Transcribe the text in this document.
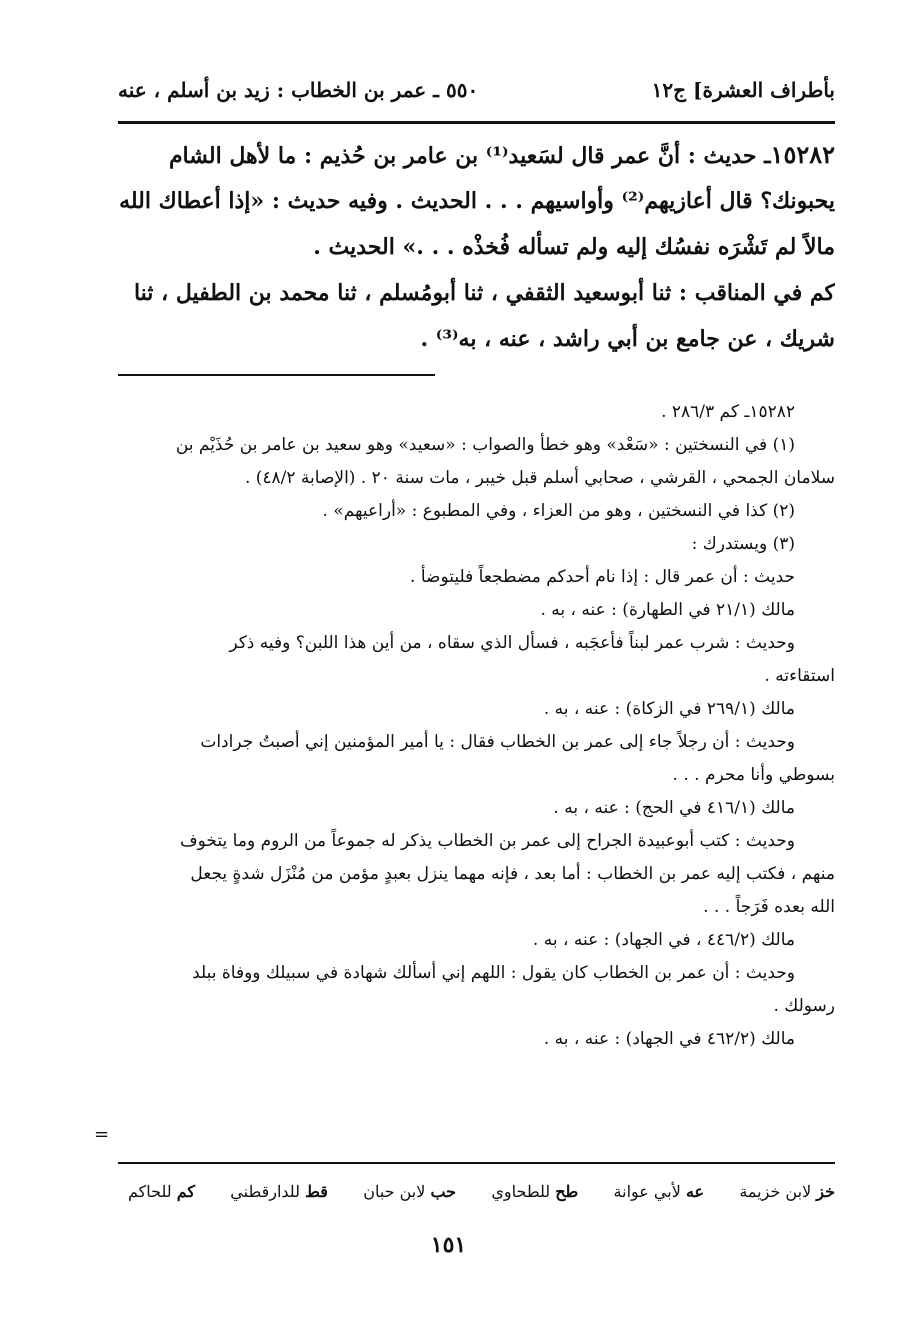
بأطراف العشرة] ج١٢
٥٥٠ ـ عمر بن الخطاب : زيد بن أسلم ، عنه
١٥٢٨٢ـ حديث : أنَّ عمر قال لسَعيد⁽¹⁾ بن عامر بن حُذيم : ما لأهل الشام
يحبونك؟ قال أعازيهم⁽²⁾ وأواسيهم . . . الحديث . وفيه حديث : «إذا أعطاك الله
مالاً لم تَشْرَه نفسُك إليه ولم تسأله فُخذْه . . .» الحديث .
كم في المناقب : ثنا أبوسعيد الثقفي ، ثنا أبومُسلم ، ثنا محمد بن الطفيل ، ثنا
شريك ، عن جامع بن أبي راشد ، عنه ، به⁽³⁾ .
١٥٢٨٢ـ كم ٢٨٦/٣ .
(١) في النسختين : «سَعْد» وهو خطأ والصواب : «سعيد» وهو سعيد بن عامر بن حُذَيْم بن
سلامان الجمحي ، القرشي ، صحابي أسلم قبل خيبر ، مات سنة ٢٠ . (الإصابة ٤٨/٢) .
(٢) كذا في النسختين ، وهو من العزاء ، وفي المطبوع : «أراعيهم» .
(٣) ويستدرك :
حديث : أن عمر قال : إذا نام أحدكم مضطجعاً فليتوضأ .
مالك (٢١/١ في الطهارة) : عنه ، به .
وحديث : شرب عمر لبناً فأعجَبه ، فسأل الذي سقاه ، من أين هذا اللبن؟ وفيه ذكر
استقاءته .
مالك (٢٦٩/١ في الزكاة) : عنه ، به .
وحديث : أن رجلاً جاء إلى عمر بن الخطاب فقال : يا أمير المؤمنين إني أصبتُ جرادات
بسوطي وأنا محرم . . .
مالك (٤١٦/١ في الحج) : عنه ، به .
وحديث : كتب أبوعبيدة الجراح إلى عمر بن الخطاب يذكر له جموعاً من الروم وما يتخوف
منهم ، فكتب إليه عمر بن الخطاب : أما بعد ، فإنه مهما ينزل بعبدٍ مؤمن من مُنْزَل شدةٍ يجعل
الله بعده فَرَجاً . . .
مالك (٤٤٦/٢ ، في الجهاد) : عنه ، به .
وحديث : أن عمر بن الخطاب كان يقول : اللهم إني أسألك شهادة في سبيلك ووفاة ببلد
رسولك .
مالك (٤٦٢/٢ في الجهاد) : عنه ، به .
=
خز لابن خزيمة
عه لأبي عوانة
طح للطحاوي
حب لابن حبان
قط للدارقطني
كم للحاكم
١٥١
